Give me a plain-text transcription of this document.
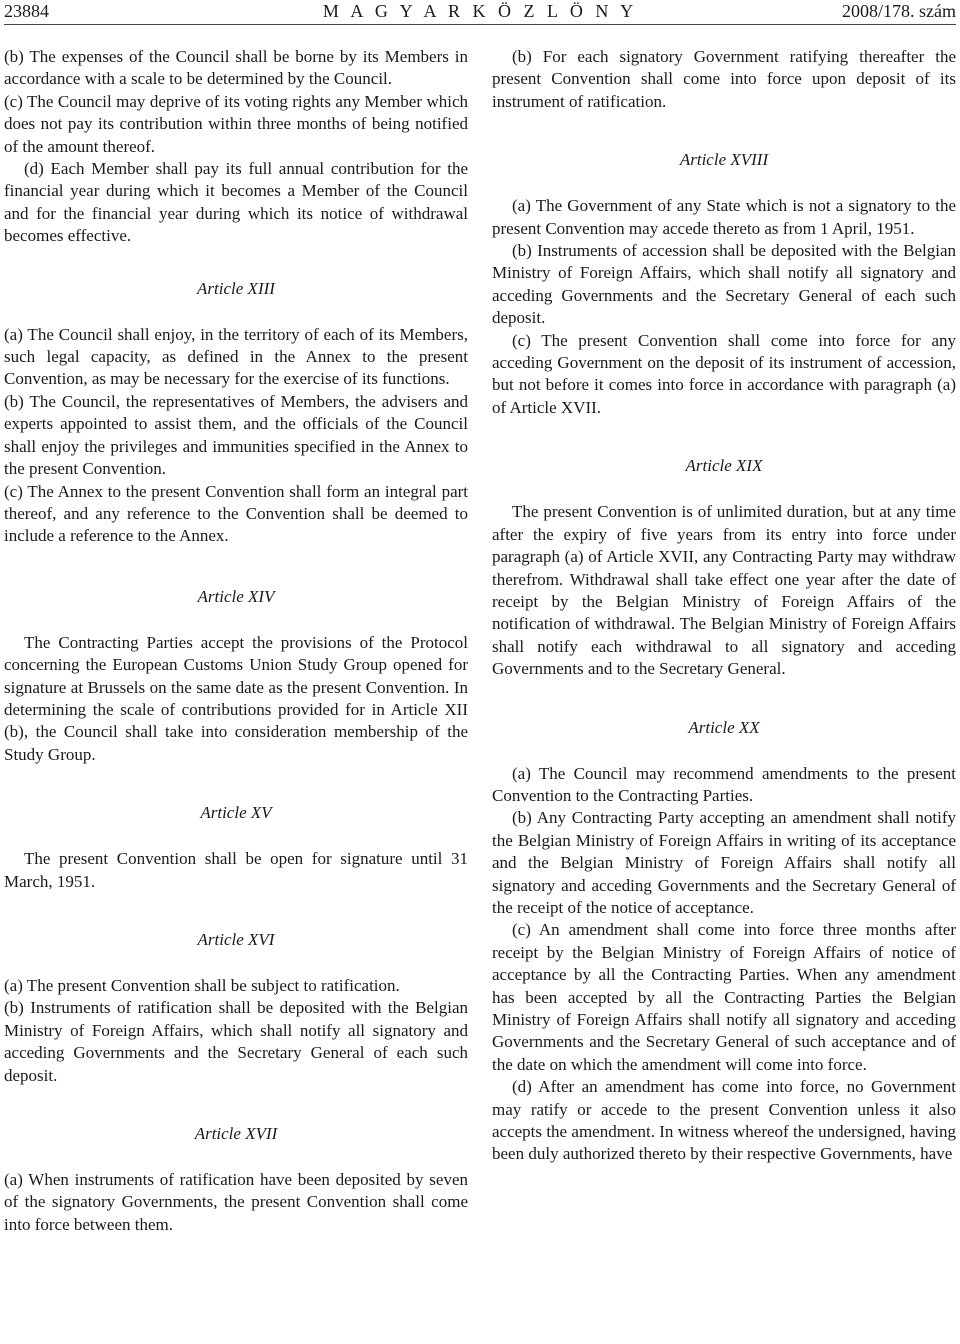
23884	M A G Y A R K Ö Z L Ö N Y	2008/178. szám

(b) The expenses of the Council shall be borne by its Members in accordance with a scale to be determined by the Council.

(c) The Council may deprive of its voting rights any Member which does not pay its contribution within three months of being notified of the amount thereof.

(d) Each Member shall pay its full annual contribution for the financial year during which it becomes a Member of the Council and for the financial year during which its notice of withdrawal becomes effective.

Article XIII

(a) The Council shall enjoy, in the territory of each of its Members, such legal capacity, as defined in the Annex to the present Convention, as may be necessary for the exercise of its functions.

(b) The Council, the representatives of Members, the advisers and experts appointed to assist them, and the officials of the Council shall enjoy the privileges and immunities specified in the Annex to the present Convention.

(c) The Annex to the present Convention shall form an integral part thereof, and any reference to the Convention shall be deemed to include a reference to the Annex.

Article XIV

The Contracting Parties accept the provisions of the Protocol concerning the European Customs Union Study Group opened for signature at Brussels on the same date as the present Convention. In determining the scale of contributions provided for in Article XII (b), the Council shall take into consideration membership of the Study Group.

Article XV

The present Convention shall be open for signature until 31 March, 1951.

Article XVI

(a) The present Convention shall be subject to ratification.

(b) Instruments of ratification shall be deposited with the Belgian Ministry of Foreign Affairs, which shall notify all signatory and acceding Governments and the Secretary General of each such deposit.

Article XVII

(a) When instruments of ratification have been deposited by seven of the signatory Governments, the present Convention shall come into force between them.

(b) For each signatory Government ratifying thereafter the present Convention shall come into force upon deposit of its instrument of ratification.

Article XVIII

(a) The Government of any State which is not a signatory to the present Convention may accede thereto as from 1 April, 1951.

(b) Instruments of accession shall be deposited with the Belgian Ministry of Foreign Affairs, which shall notify all signatory and acceding Governments and the Secretary General of each such deposit.

(c) The present Convention shall come into force for any acceding Government on the deposit of its instrument of accession, but not before it comes into force in accordance with paragraph (a) of Article XVII.

Article XIX

The present Convention is of unlimited duration, but at any time after the expiry of five years from its entry into force under paragraph (a) of Article XVII, any Contracting Party may withdraw therefrom. Withdrawal shall take effect one year after the date of receipt by the Belgian Ministry of Foreign Affairs of the notification of withdrawal. The Belgian Ministry of Foreign Affairs shall notify each withdrawal to all signatory and acceding Governments and to the Secretary General.

Article XX

(a) The Council may recommend amendments to the present Convention to the Contracting Parties.

(b) Any Contracting Party accepting an amendment shall notify the Belgian Ministry of Foreign Affairs in writing of its acceptance and the Belgian Ministry of Foreign Affairs shall notify all signatory and acceding Governments and the Secretary General of the receipt of the notice of acceptance.

(c) An amendment shall come into force three months after receipt by the Belgian Ministry of Foreign Affairs of notice of acceptance by all the Contracting Parties. When any amendment has been accepted by all the Contracting Parties the Belgian Ministry of Foreign Affairs shall notify all signatory and acceding Governments and the Secretary General of such acceptance and of the date on which the amendment will come into force.

(d) After an amendment has come into force, no Government may ratify or accede to the present Convention unless it also accepts the amendment. In witness whereof the undersigned, having been duly authorized thereto by their respective Governments, have
